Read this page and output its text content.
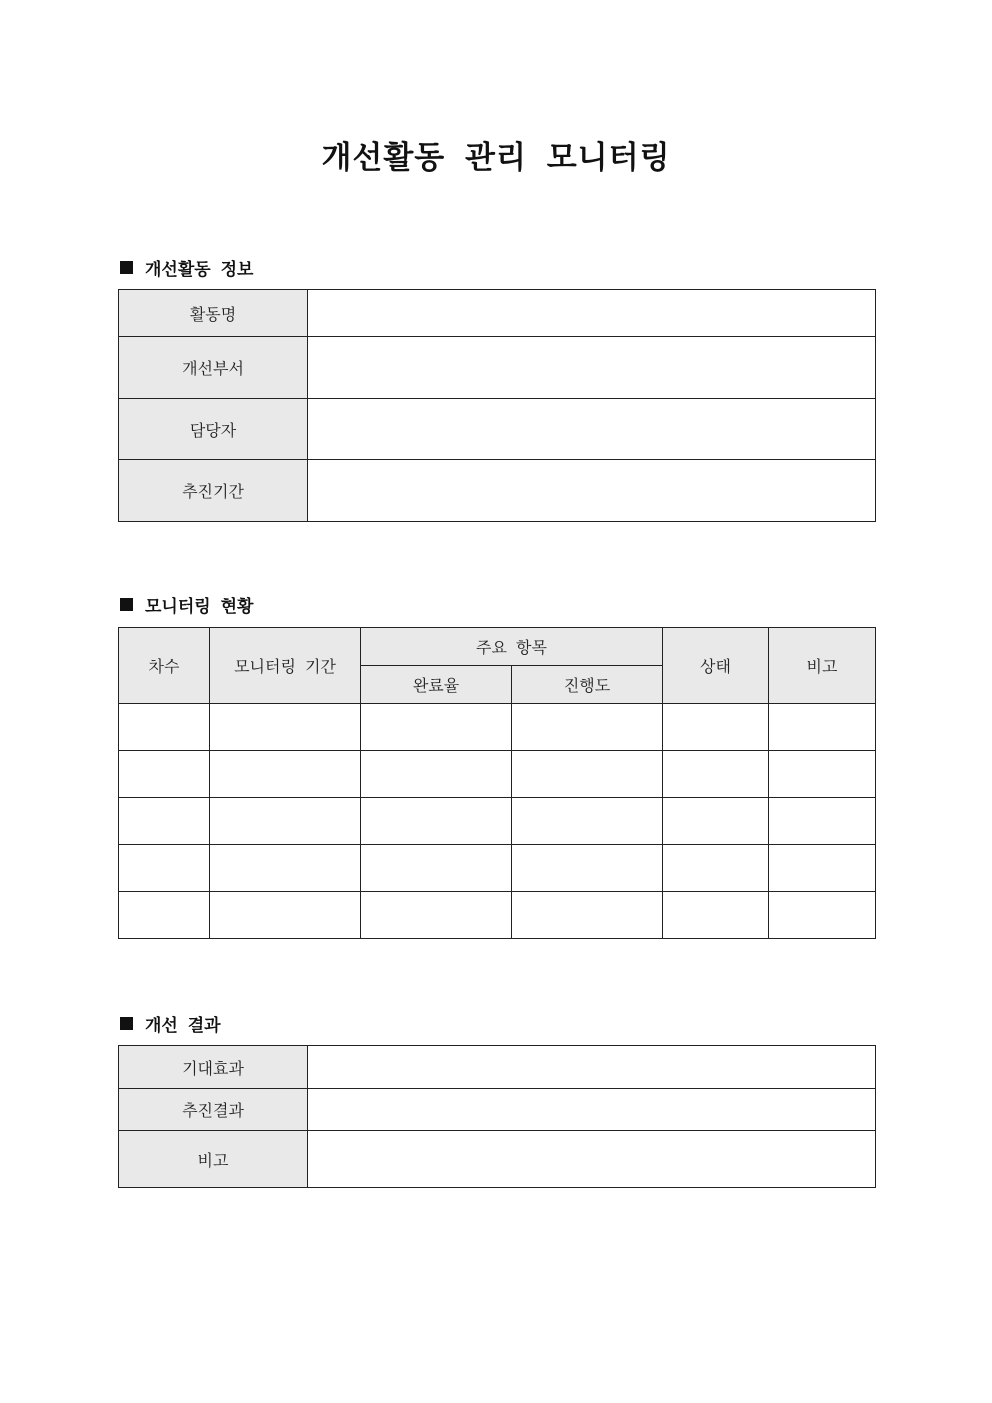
개선활동 관리 모니터링
개선활동 정보
활동명	
개선부서	
담당자	
추진기간	
모니터링 현황
차수	모니터링 기간	주요 항목		상태	비고
		완료율	진행도		

개선 결과
기대효과	
추진결과	
비고	
